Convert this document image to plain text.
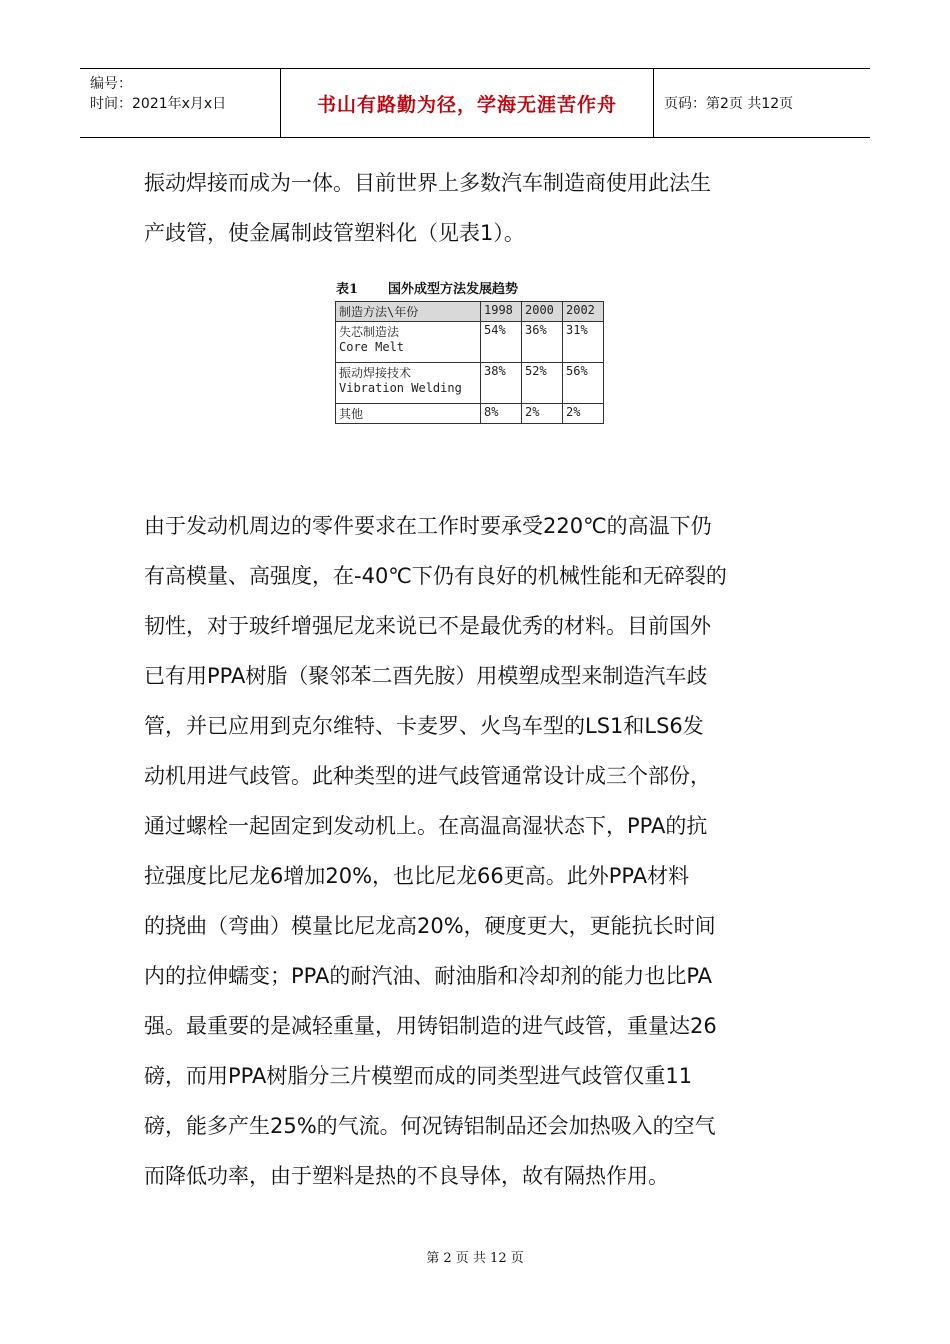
编号：
时间：2021年x月x日	书山有路勤为径，学海无涯苦作舟	页码：第2页 共12页
振动焊接而成为一体。目前世界上多数汽车制造商使用此法生
产歧管，使金属制歧管塑料化（见表1）。
表1 国外成型方法发展趋势
制造方法\年份	1998	2000	2002

失芯制造法
Core Melt	54%	36%	31%

振动焊接技术
Vibration Welding	38%	52%	56%

其他	8%	2%	2%
由于发动机周边的零件要求在工作时要承受220℃的高温下仍
有高模量、高强度，在-40℃下仍有良好的机械性能和无碎裂的
韧性，对于玻纤增强尼龙来说已不是最优秀的材料。目前国外
已有用PPA树脂（聚邻苯二酉先胺）用模塑成型来制造汽车歧
管，并已应用到克尔维特、卡麦罗、火鸟车型的LS1和LS6发
动机用进气歧管。此种类型的进气歧管通常设计成三个部份，
通过螺栓一起固定到发动机上。在高温高湿状态下，PPA的抗
拉强度比尼龙6增加20%，也比尼龙66更高。此外PPA材料
的挠曲（弯曲）模量比尼龙高20%，硬度更大，更能抗长时间
内的拉伸蠕变；PPA的耐汽油、耐油脂和冷却剂的能力也比PA
强。最重要的是减轻重量，用铸铝制造的进气歧管，重量达26
磅，而用PPA树脂分三片模塑而成的同类型进气歧管仅重11
磅，能多产生25%的气流。何况铸铝制品还会加热吸入的空气
而降低功率，由于塑料是热的不良导体，故有隔热作用。
第 2 页 共 12 页
